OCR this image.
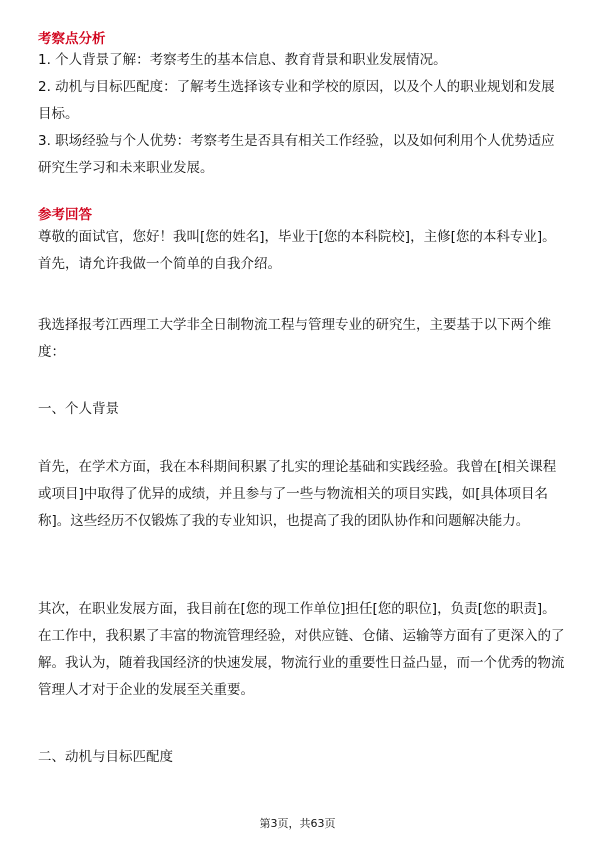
考察点分析
1. 个人背景了解：考察考生的基本信息、教育背景和职业发展情况。
2. 动机与目标匹配度：了解考生选择该专业和学校的原因，以及个人的职业规划和发展目标。
3. 职场经验与个人优势：考察考生是否具有相关工作经验，以及如何利用个人优势适应研究生学习和未来职业发展。
参考回答
尊敬的面试官，您好！我叫[您的姓名]，毕业于[您的本科院校]，主修[您的本科专业]。首先，请允许我做一个简单的自我介绍。
我选择报考江西理工大学非全日制物流工程与管理专业的研究生，主要基于以下两个维度：
一、个人背景
首先，在学术方面，我在本科期间积累了扎实的理论基础和实践经验。我曾在[相关课程或项目]中取得了优异的成绩，并且参与了一些与物流相关的项目实践，如[具体项目名称]。这些经历不仅锻炼了我的专业知识，也提高了我的团队协作和问题解决能力。
其次，在职业发展方面，我目前在[您的现工作单位]担任[您的职位]，负责[您的职责]。在工作中，我积累了丰富的物流管理经验，对供应链、仓储、运输等方面有了更深入的了解。我认为，随着我国经济的快速发展，物流行业的重要性日益凸显，而一个优秀的物流管理人才对于企业的发展至关重要。
二、动机与目标匹配度
第3页，共63页
